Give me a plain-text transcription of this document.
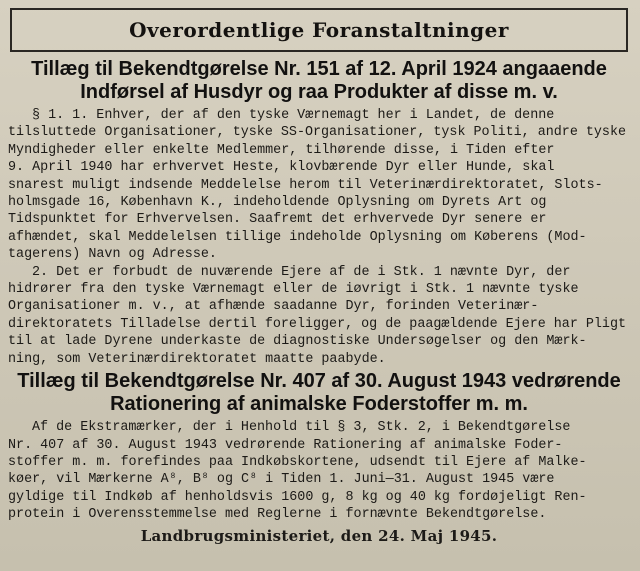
Overordentlige Foranstaltninger
Tillæg til Bekendtgørelse Nr. 151 af 12. April 1924 angaaende
Indførsel af Husdyr og raa Produkter af disse m. v.
§ 1. 1. Enhver, der af den tyske Værnemagt her i Landet, de denne
tilsluttede Organisationer, tyske SS-Organisationer, tysk Politi, andre tyske
Myndigheder eller enkelte Medlemmer, tilhørende disse, i Tiden efter
9. April 1940 har erhvervet Heste, klovbærende Dyr eller Hunde, skal
snarest muligt indsende Meddelelse herom til Veterinærdirektoratet, Slots-
holmsgade 16, København K., indeholdende Oplysning om Dyrets Art og
Tidspunktet for Erhvervelsen. Saafremt det erhvervede Dyr senere er
afhændet, skal Meddelelsen tillige indeholde Oplysning om Køberens (Mod-
tagerens) Navn og Adresse.
2. Det er forbudt de nuværende Ejere af de i Stk. 1 nævnte Dyr, der
hidrører fra den tyske Værnemagt eller de iøvrigt i Stk. 1 nævnte tyske
Organisationer m. v., at afhænde saadanne Dyr, forinden Veterinær-
direktoratets Tilladelse dertil foreligger, og de paagældende Ejere har Pligt
til at lade Dyrene underkaste de diagnostiske Undersøgelser og den Mærk-
ning, som Veterinærdirektoratet maatte paabyde.
Tillæg til Bekendtgørelse Nr. 407 af 30. August 1943 vedrørende
Rationering af animalske Foderstoffer m. m.
Af de Ekstramærker, der i Henhold til § 3, Stk. 2, i Bekendtgørelse
Nr. 407 af 30. August 1943 vedrørende Rationering af animalske Foder-
stoffer m. m. forefindes paa Indkøbskortene, udsendt til Ejere af Malke-
køer, vil Mærkerne A⁸, B⁸ og C⁸ i Tiden 1. Juni—31. August 1945 være
gyldige til Indkøb af henholdsvis 1600 g, 8 kg og 40 kg fordøjeligt Ren-
protein i Overensstemmelse med Reglerne i fornævnte Bekendtgørelse.
Landbrugsministeriet, den 24. Maj 1945.
